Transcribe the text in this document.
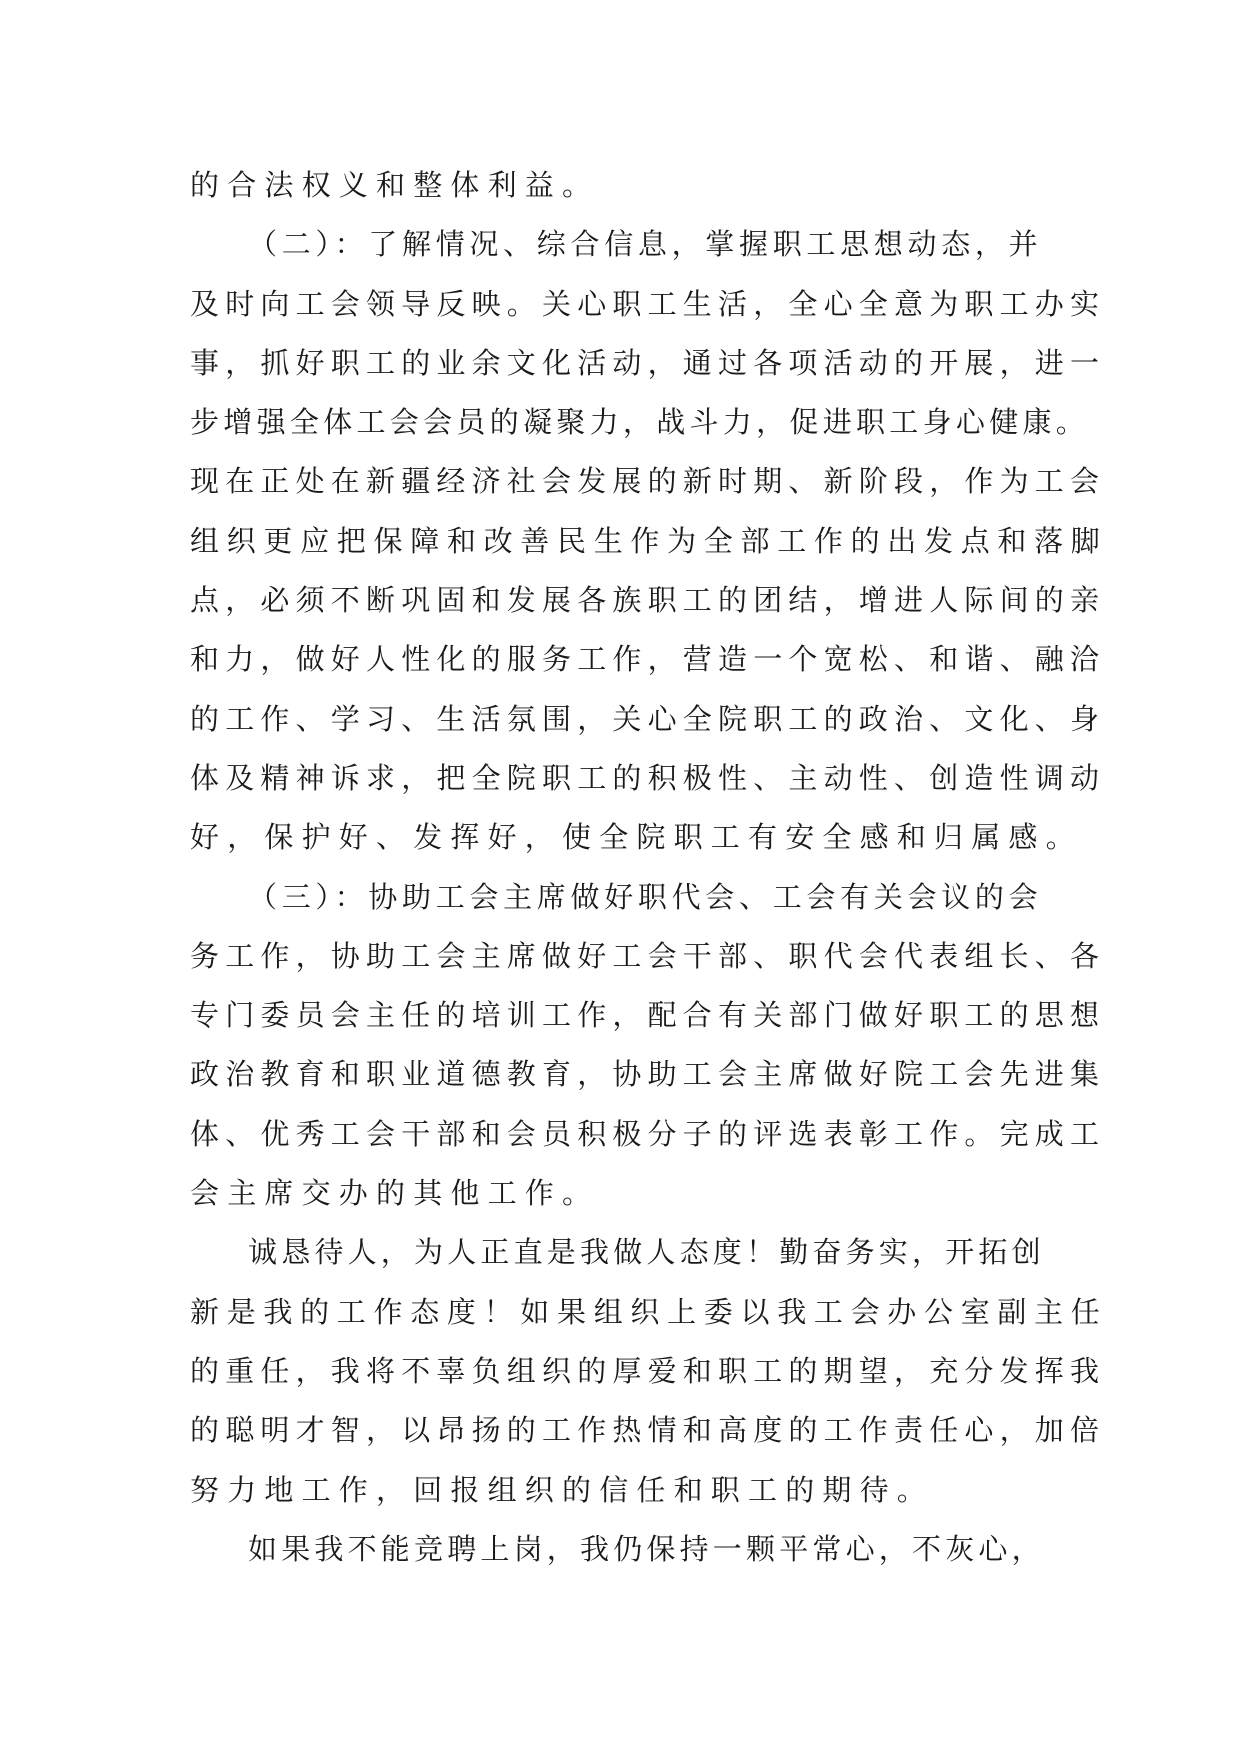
的合法权义和整体利益。
（二）：了解情况、综合信息，掌握职工思想动态，并
及时向工会领导反映。关心职工生活，全心全意为职工办实
事，抓好职工的业余文化活动，通过各项活动的开展，进一
步增强全体工会会员的凝聚力，战斗力，促进职工身心健康。
现在正处在新疆经济社会发展的新时期、新阶段，作为工会
组织更应把保障和改善民生作为全部工作的出发点和落脚
点，必须不断巩固和发展各族职工的团结，增进人际间的亲
和力，做好人性化的服务工作，营造一个宽松、和谐、融洽
的工作、学习、生活氛围，关心全院职工的政治、文化、身
体及精神诉求，把全院职工的积极性、主动性、创造性调动
好，保护好、发挥好，使全院职工有安全感和归属感。
（三）：协助工会主席做好职代会、工会有关会议的会
务工作，协助工会主席做好工会干部、职代会代表组长、各
专门委员会主任的培训工作，配合有关部门做好职工的思想
政治教育和职业道德教育，协助工会主席做好院工会先进集
体、优秀工会干部和会员积极分子的评选表彰工作。完成工
会主席交办的其他工作。
诚恳待人，为人正直是我做人态度！勤奋务实，开拓创
新是我的工作态度！如果组织上委以我工会办公室副主任
的重任，我将不辜负组织的厚爱和职工的期望，充分发挥我
的聪明才智，以昂扬的工作热情和高度的工作责任心，加倍
努力地工作，回报组织的信任和职工的期待。
如果我不能竞聘上岗，我仍保持一颗平常心，不灰心，
